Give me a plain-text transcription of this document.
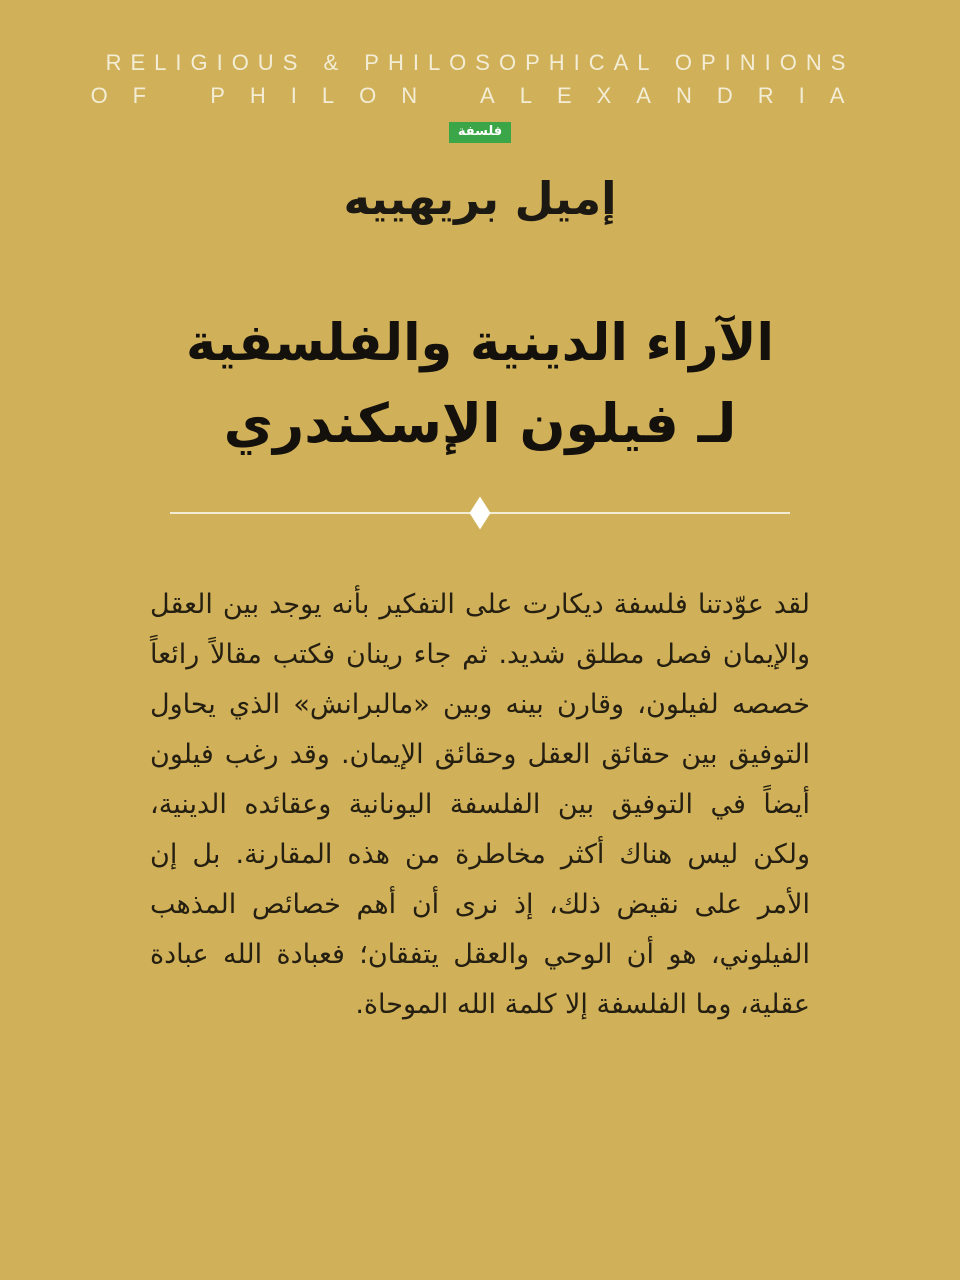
RELIGIOUS & PHILOSOPHICAL OPINIONS
OF PHILON ALEXANDRIA
فلسفة
إميل بريهييه
الآراء الدينية والفلسفية
لـ فيلون الإسكندري

لقد عوّدتنا فلسفة ديكارت على التفكير بأنه يوجد بين العقل والإيمان فصل مطلق شديد. ثم جاء رينان فكتب مقالاً رائعاً خصصه لفيلون، وقارن بينه وبين «مالبرانش» الذي يحاول التوفيق بين حقائق العقل وحقائق الإيمان. وقد رغب فيلون أيضاً في التوفيق بين الفلسفة اليونانية وعقائده الدينية، ولكن ليس هناك أكثر مخاطرة من هذه المقارنة. بل إن الأمر على نقيض ذلك، إذ نرى أن أهم خصائص المذهب الفيلوني، هو أن الوحي والعقل يتفقان؛ فعبادة الله عبادة عقلية، وما الفلسفة إلا كلمة الله الموحاة.
